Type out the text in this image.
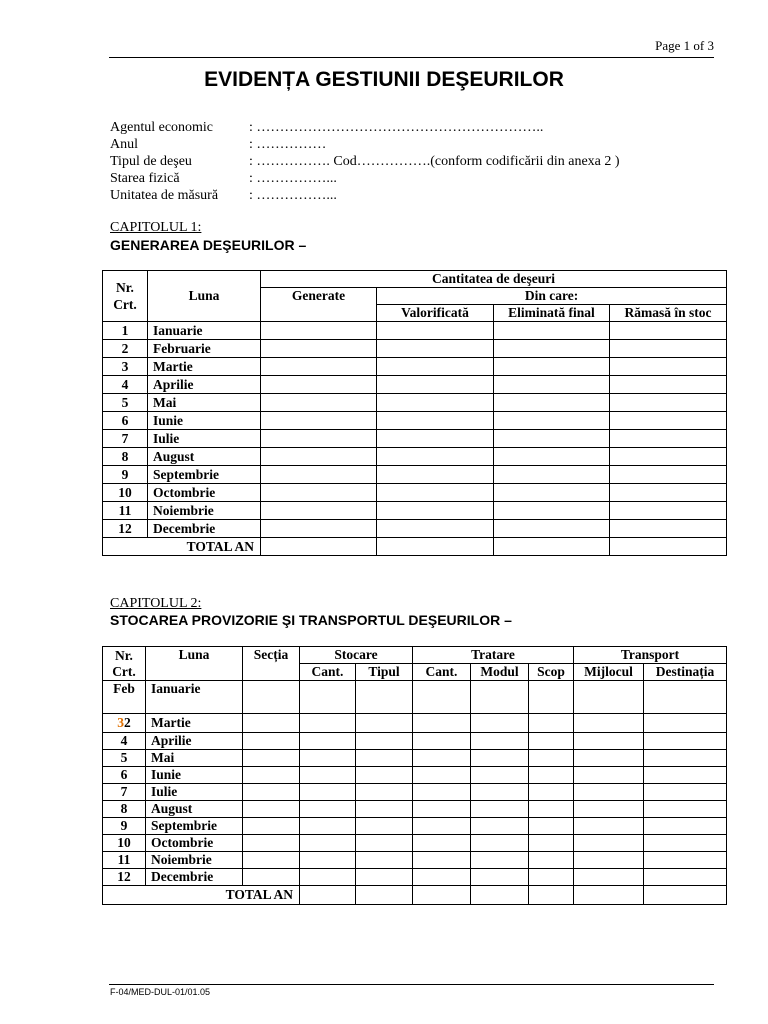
Page 1 of 3
EVIDENȚA GESTIUNII DEŞEURILOR
Agentul economic	: ……………………………………………………..
Anul	: ……………
Tipul de deşeu	: ……………. Cod…………….(conform codificării din anexa 2 )
Starea fizică	: ……………...
Unitatea de măsură	: ……………...
CAPITOLUL 1:
GENERAREA DEŞEURILOR –
Nr. Crt.	Luna	Cantitatea de deşeuri			
		Generate	Din care:		
			Valorificată	Eliminată final	Rămasă în stoc
1	Ianuarie				
2	Februarie				
3	Martie				
4	Aprilie				
5	Mai				
6	Iunie				
7	Iulie				
8	August				
9	Septembrie				
10	Octombrie				
11	Noiembrie				
12	Decembrie				
TOTAL AN					
CAPITOLUL 2:
STOCAREA PROVIZORIE ŞI TRANSPORTUL DEŞEURILOR –
Nr. Crt.	Luna	Secția	Stocare		Tratare			Transport	
			Cant.	Tipul	Cant.	Modul	Scop	Mijlocul	Destinația
Feb	Ianuarie								
32	Martie								
4	Aprilie								
5	Mai								
6	Iunie								
7	Iulie								
8	August								
9	Septembrie								
10	Octombrie								
11	Noiembrie								
12	Decembrie								
TOTAL AN									
F-04/MED-DUL-01/01.05
